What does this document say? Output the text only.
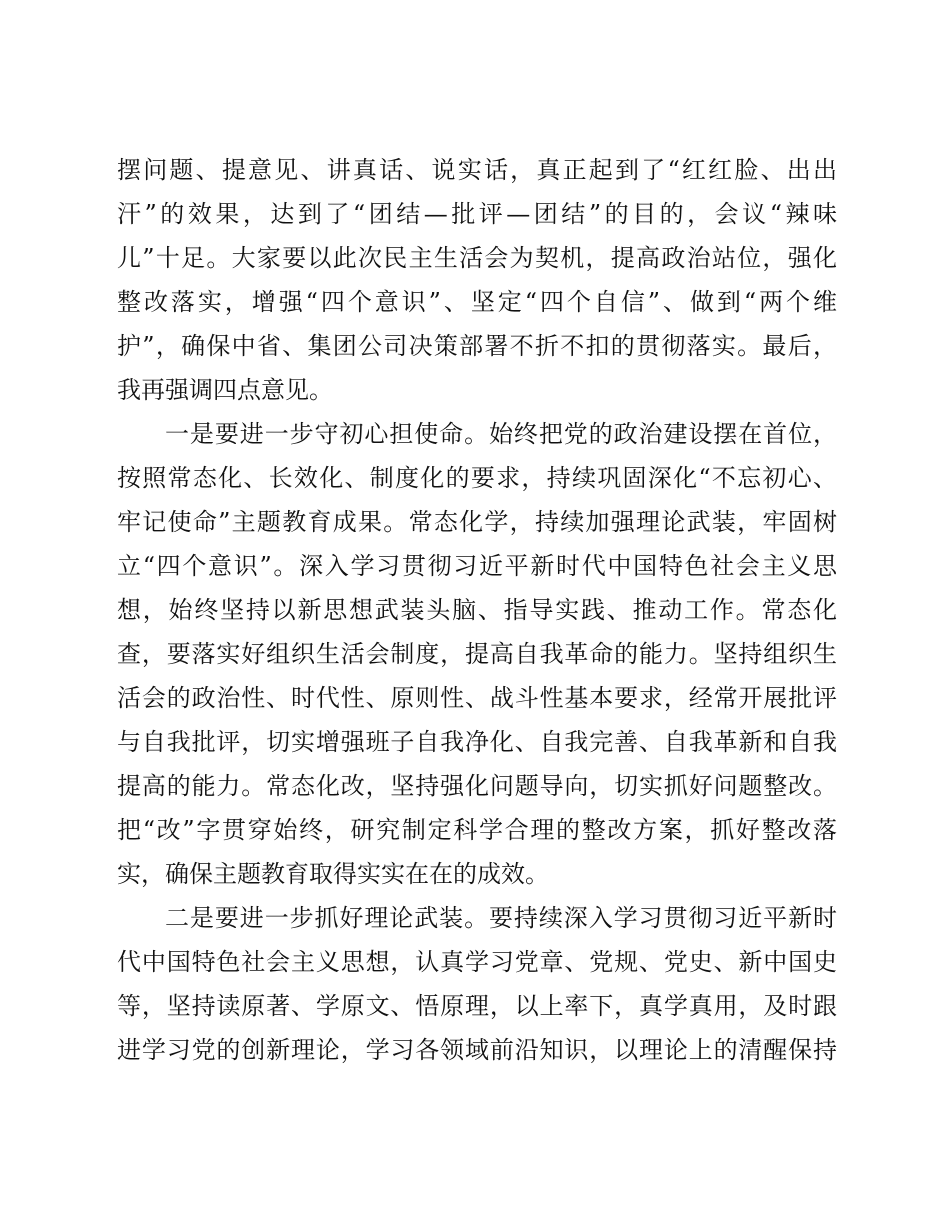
摆问题、提意见、讲真话、说实话，真正起到了“红红脸、出出
汗”的效果，达到了“团结—批评—团结”的目的，会议“辣味
儿”十足。大家要以此次民主生活会为契机，提高政治站位，强化
整改落实，增强“四个意识”、坚定“四个自信”、做到“两个维
护”，确保中省、集团公司决策部署不折不扣的贯彻落实。最后，
我再强调四点意见。
一是要进一步守初心担使命。始终把党的政治建设摆在首位，
按照常态化、长效化、制度化的要求，持续巩固深化“不忘初心、
牢记使命”主题教育成果。常态化学，持续加强理论武装，牢固树
立“四个意识”。深入学习贯彻习近平新时代中国特色社会主义思
想，始终坚持以新思想武装头脑、指导实践、推动工作。常态化
查，要落实好组织生活会制度，提高自我革命的能力。坚持组织生
活会的政治性、时代性、原则性、战斗性基本要求，经常开展批评
与自我批评，切实增强班子自我净化、自我完善、自我革新和自我
提高的能力。常态化改，坚持强化问题导向，切实抓好问题整改。
把“改”字贯穿始终，研究制定科学合理的整改方案，抓好整改落
实，确保主题教育取得实实在在的成效。
二是要进一步抓好理论武装。要持续深入学习贯彻习近平新时
代中国特色社会主义思想，认真学习党章、党规、党史、新中国史
等，坚持读原著、学原文、悟原理，以上率下，真学真用，及时跟
进学习党的创新理论，学习各领域前沿知识，以理论上的清醒保持
